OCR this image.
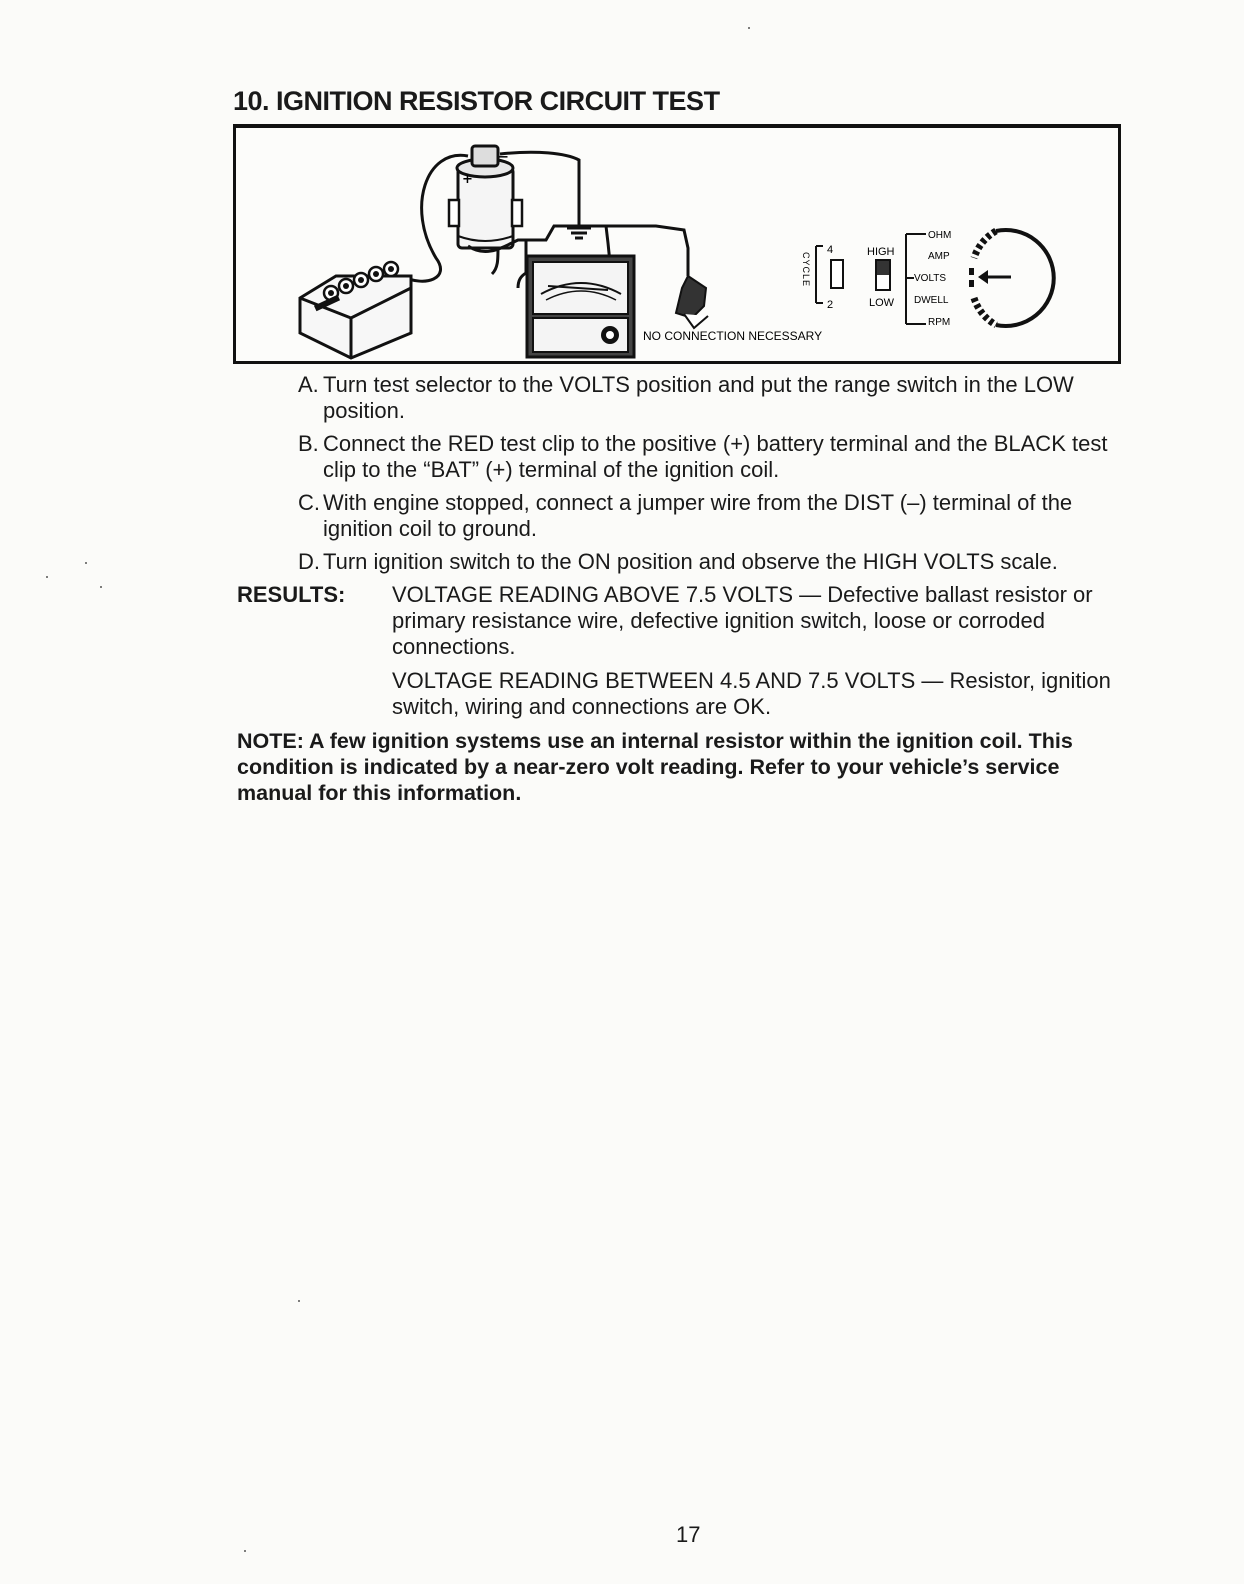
10. IGNITION RESISTOR CIRCUIT TEST
+
−
NO CONNECTION NECESSARY
4
2
CYCLE	HIGH
LOW
OHM
AMP
VOLTS
DWELL
RPM
A. Turn test selector to the VOLTS position and put the range switch in the LOW position.
B. Connect the RED test clip to the positive (+) battery terminal and the BLACK test clip to the “BAT” (+) terminal of the ignition coil.
C. With engine stopped, connect a jumper wire from the DIST (–) terminal of the ignition coil to ground.
D. Turn ignition switch to the ON position and observe the HIGH VOLTS scale.
RESULTS: VOLTAGE READING ABOVE 7.5 VOLTS — Defective ballast resistor or primary resistance wire, defective ignition switch, loose or corroded connections.
VOLTAGE READING BETWEEN 4.5 AND 7.5 VOLTS — Resistor, ignition switch, wiring and connections are OK.
NOTE: A few ignition systems use an internal resistor within the ignition coil. This condition is indicated by a near-zero volt reading. Refer to your vehicle’s service manual for this information.
17
